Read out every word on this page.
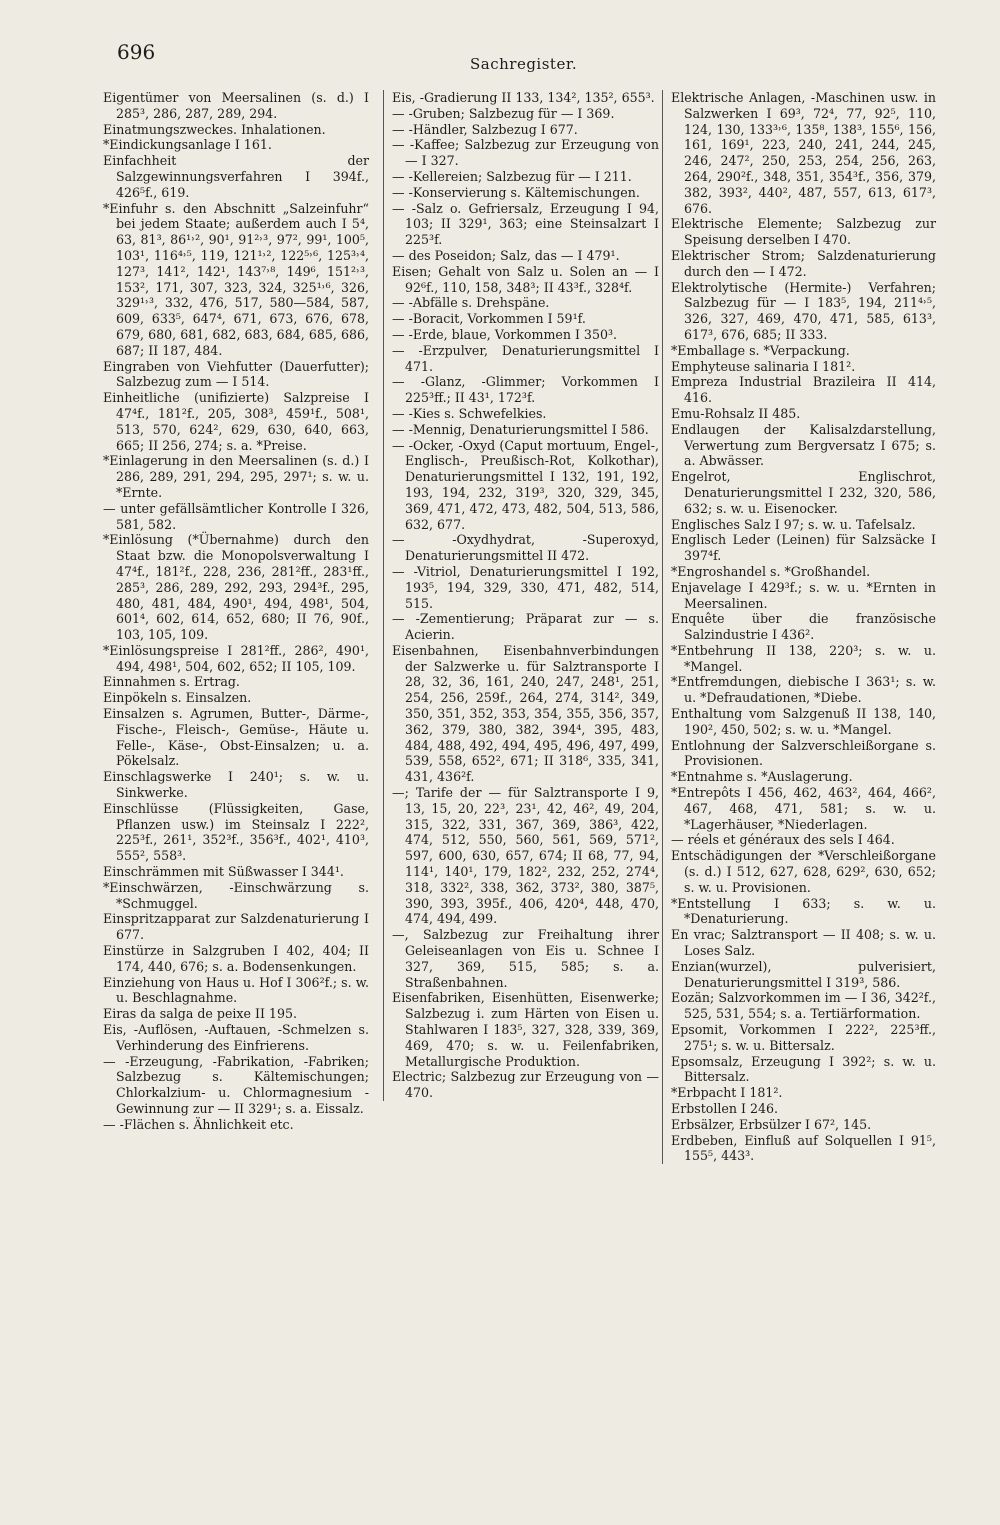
696	Sachregister.

Eigentümer von Meersalinen (s. d.) I 285³, 286, 287, 289, 294.

Einatmungszweckes. Inhalationen.

*Eindickungsanlage I 161.

Einfachheit der Salzgewinnungsverfahren I 394f., 426⁵f., 619.

*Einfuhr s. den Abschnitt „Salzeinfuhr“ bei jedem Staate; außerdem auch I 5⁴, 63, 81³, 86¹˒², 90¹, 91²˒³, 97², 99¹, 100⁵, 103¹, 116⁴˒⁵, 119, 121¹˒², 122⁵˒⁶, 125³˒⁴, 127³, 141², 142¹, 143⁷˒⁸, 149⁶, 151²˒³, 153², 171, 307, 323, 324, 325¹˒⁶, 326, 329¹˒³, 332, 476, 517, 580—584, 587, 609, 633⁵, 647⁴, 671, 673, 676, 678, 679, 680, 681, 682, 683, 684, 685, 686, 687; II 187, 484.

Eingraben von Viehfutter (Dauerfutter); Salzbezug zum — I 514.

Einheitliche (unifizierte) Salzpreise I 47⁴f., 181²f., 205, 308³, 459¹f., 508¹, 513, 570, 624², 629, 630, 640, 663, 665; II 256, 274; s. a. *Preise.

*Einlagerung in den Meersalinen (s. d.) I 286, 289, 291, 294, 295, 297¹; s. w. u. *Ernte.

— unter gefällsämtlicher Kontrolle I 326, 581, 582.

*Einlösung (*Übernahme) durch den Staat bzw. die Monopolsverwaltung I 47⁴f., 181²f., 228, 236, 281²ff., 283¹ff., 285³, 286, 289, 292, 293, 294³f., 295, 480, 481, 484, 490¹, 494, 498¹, 504, 601⁴, 602, 614, 652, 680; II 76, 90f., 103, 105, 109.

*Einlösungspreise I 281²ff., 286², 490¹, 494, 498¹, 504, 602, 652; II 105, 109.

Einnahmen s. Ertrag.

Einpökeln s. Einsalzen.

Einsalzen s. Agrumen, Butter-, Därme-, Fische-, Fleisch-, Gemüse-, Häute u. Felle-, Käse-, Obst-Einsalzen; u. a. Pökelsalz.

Einschlagswerke I 240¹; s. w. u. Sinkwerke.

Einschlüsse (Flüssigkeiten, Gase, Pflanzen usw.) im Steinsalz I 222², 225³f., 261¹, 352³f., 356³f., 402¹, 410³, 555², 558³.

Einschrämmen mit Süßwasser I 344¹.

*Einschwärzen, -Einschwärzung s. *Schmuggel.

Einspritzapparat zur Salzdenaturierung I 677.

Einstürze in Salzgruben I 402, 404; II 174, 440, 676; s. a. Bodensenkungen.

Einziehung von Haus u. Hof I 306²f.; s. w. u. Beschlagnahme.

Eiras da salga de peixe II 195.

Eis, -Auflösen, -Auftauen, -Schmelzen s. Verhinderung des Einfrierens.

— -Erzeugung, -Fabrikation, -Fabriken; Salzbezug s. Kältemischungen; Chlorkalzium- u. Chlormagnesium - Gewinnung zur — II 329¹; s. a. Eissalz.

— -Flächen s. Ähnlichkeit etc.

Eis, -Gradierung II 133, 134², 135², 655³.

— -Gruben; Salzbezug für — I 369.

— -Händler, Salzbezug I 677.

— -Kaffee; Salzbezug zur Erzeugung von — I 327.

— -Kellereien; Salzbezug für — I 211.

— -Konservierung s. Kältemischungen.

— -Salz o. Gefriersalz, Erzeugung I 94, 103; II 329¹, 363; eine Steinsalzart I 225³f.

— des Poseidon; Salz, das — I 479¹.

Eisen; Gehalt von Salz u. Solen an — I 92⁶f., 110, 158, 348³; II 43³f., 328⁴f.

— -Abfälle s. Drehspäne.

— -Boracit, Vorkommen I 59¹f.

— -Erde, blaue, Vorkommen I 350³.

— -Erzpulver, Denaturierungsmittel I 471.

— -Glanz, -Glimmer; Vorkommen I 225³ff.; II 43¹, 172³f.

— -Kies s. Schwefelkies.

— -Mennig, Denaturierungsmittel I 586.

— -Ocker, -Oxyd (Caput mortuum, Engel-, Englisch-, Preußisch-Rot, Kolkothar), Denaturierungsmittel I 132, 191, 192, 193, 194, 232, 319³, 320, 329, 345, 369, 471, 472, 473, 482, 504, 513, 586, 632, 677.

— -Oxydhydrat, -Superoxyd, Denaturierungsmittel II 472.

— -Vitriol, Denaturierungsmittel I 192, 193⁵, 194, 329, 330, 471, 482, 514, 515.

— -Zementierung; Präparat zur — s. Acierin.

Eisenbahnen, Eisenbahnverbindungen der Salzwerke u. für Salztransporte I 28, 32, 36, 161, 240, 247, 248¹, 251, 254, 256, 259f., 264, 274, 314², 349, 350, 351, 352, 353, 354, 355, 356, 357, 362, 379, 380, 382, 394⁴, 395, 483, 484, 488, 492, 494, 495, 496, 497, 499, 539, 558, 652², 671; II 318⁶, 335, 341, 431, 436²f.

—; Tarife der — für Salztransporte I 9, 13, 15, 20, 22³, 23¹, 42, 46², 49, 204, 315, 322, 331, 367, 369, 386³, 422, 474, 512, 550, 560, 561, 569, 571², 597, 600, 630, 657, 674; II 68, 77, 94, 114¹, 140¹, 179, 182², 232, 252, 274⁴, 318, 332², 338, 362, 373², 380, 387⁵, 390, 393, 395f., 406, 420⁴, 448, 470, 474, 494, 499.

—, Salzbezug zur Freihaltung ihrer Geleiseanlagen von Eis u. Schnee I 327, 369, 515, 585; s. a. Straßenbahnen.

Eisenfabriken, Eisenhütten, Eisenwerke; Salzbezug i. zum Härten von Eisen u. Stahlwaren I 183⁵, 327, 328, 339, 369, 469, 470; s. w. u. Feilenfabriken, Metallurgische Produktion.

Electric; Salzbezug zur Erzeugung von — 470.

Elektrische Anlagen, -Maschinen usw. in Salzwerken I 69³, 72⁴, 77, 92⁵, 110, 124, 130, 133³˒⁶, 135⁸, 138³, 155⁶, 156, 161, 169¹, 223, 240, 241, 244, 245, 246, 247², 250, 253, 254, 256, 263, 264, 290²f., 348, 351, 354³f., 356, 379, 382, 393², 440², 487, 557, 613, 617³, 676.

Elektrische Elemente; Salzbezug zur Speisung derselben I 470.

Elektrischer Strom; Salzdenaturierung durch den — I 472.

Elektrolytische (Hermite-) Verfahren; Salzbezug für — I 183⁵, 194, 211⁴˒⁵, 326, 327, 469, 470, 471, 585, 613³, 617³, 676, 685; II 333.

*Emballage s. *Verpackung.

Emphyteuse salinaria I 181².

Empreza Industrial Brazileira II 414, 416.

Emu-Rohsalz II 485.

Endlaugen der Kalisalzdarstellung, Verwertung zum Bergversatz I 675; s. a. Abwässer.

Engelrot, Englischrot, Denaturierungsmittel I 232, 320, 586, 632; s. w. u. Eisenocker.

Englisches Salz I 97; s. w. u. Tafelsalz.

Englisch Leder (Leinen) für Salzsäcke I 397⁴f.

*Engroshandel s. *Großhandel.

Enjavelage I 429³f.; s. w. u. *Ernten in Meersalinen.

Enquête über die französische Salzindustrie I 436².

*Entbehrung II 138, 220³; s. w. u. *Mangel.

*Entfremdungen, diebische I 363¹; s. w. u. *Defraudationen, *Diebe.

Enthaltung vom Salzgenuß II 138, 140, 190², 450, 502; s. w. u. *Mangel.

Entlohnung der Salzverschleißorgane s. Provisionen.

*Entnahme s. *Auslagerung.

*Entrepôts I 456, 462, 463², 464, 466², 467, 468, 471, 581; s. w. u. *Lagerhäuser, *Niederlagen.

— réels et généraux des sels I 464.

Entschädigungen der *Verschleißorgane (s. d.) I 512, 627, 628, 629², 630, 652; s. w. u. Provisionen.

*Entstellung I 633; s. w. u. *Denaturierung.

En vrac; Salztransport — II 408; s. w. u. Loses Salz.

Enzian(wurzel), pulverisiert, Denaturierungsmittel I 319³, 586.

Eozän; Salzvorkommen im — I 36, 342²f., 525, 531, 554; s. a. Tertiärformation.

Epsomit, Vorkommen I 222², 225³ff., 275¹; s. w. u. Bittersalz.

Epsomsalz, Erzeugung I 392²; s. w. u. Bittersalz.

*Erbpacht I 181².

Erbstollen I 246.

Erbsälzer, Erbsülzer I 67², 145.

Erdbeben, Einfluß auf Solquellen I 91⁵, 155⁵, 443³.
